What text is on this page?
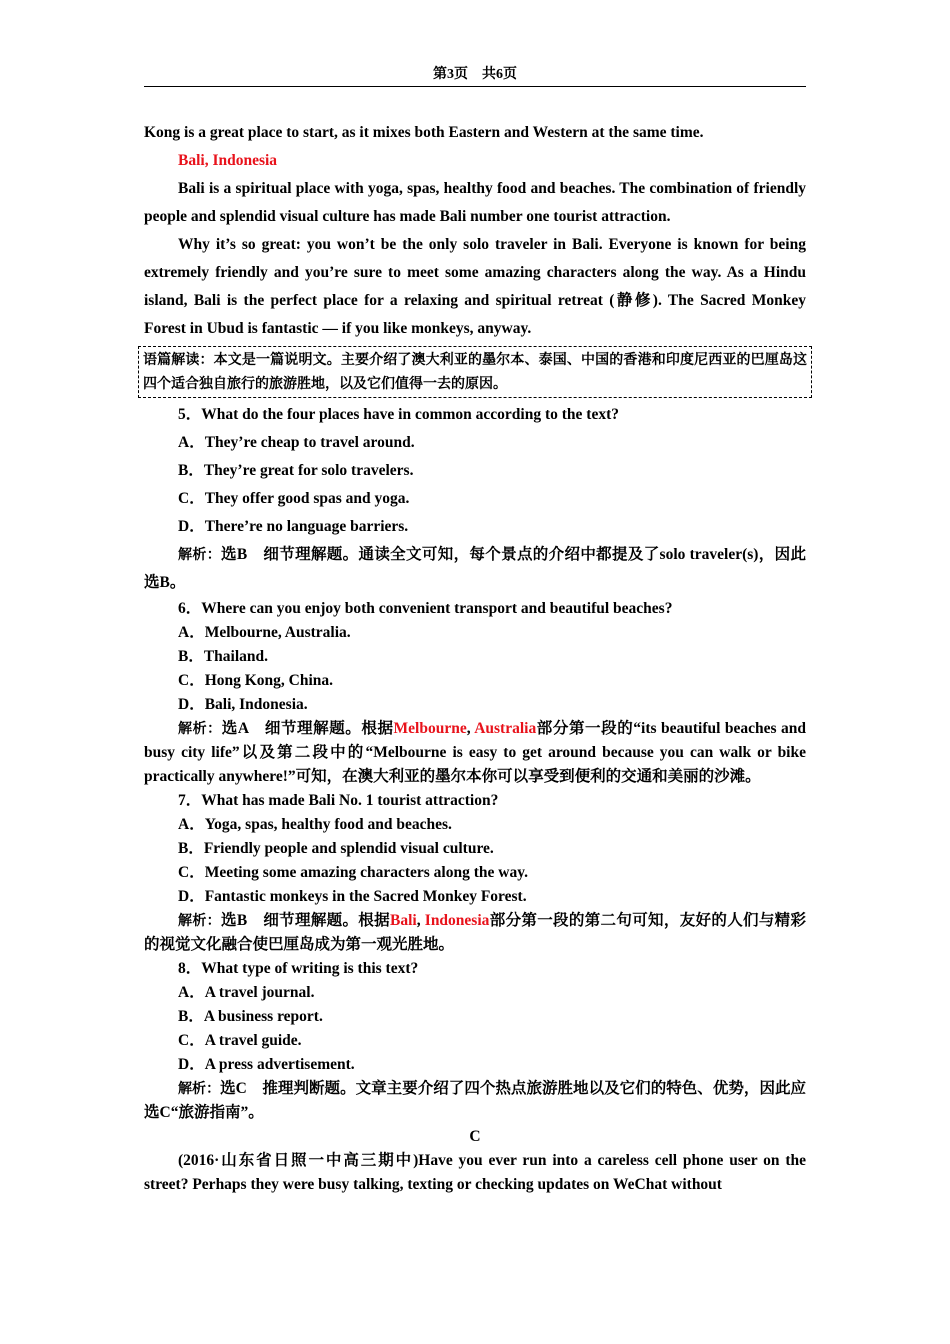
第3页　共6页

Kong is a great place to start, as it mixes both Eastern and Western at the same time.

Bali, Indonesia

Bali is a spiritual place with yoga, spas, healthy food and beaches. The combination of friendly people and splendid visual culture has made Bali number one tourist attraction.

Why it’s so great: you won’t be the only solo traveler in Bali. Everyone is known for being extremely friendly and you’re sure to meet some amazing characters along the way. As a Hindu island, Bali is the perfect place for a relaxing and spiritual retreat (静修). The Sacred Monkey Forest in Ubud is fantastic — if you like monkeys, anyway.

语篇解读：本文是一篇说明文。主要介绍了澳大利亚的墨尔本、泰国、中国的香港和印度尼西亚的巴厘岛这四个适合独自旅行的旅游胜地，以及它们值得一去的原因。

5．What do the four places have in common according to the text?

A．They’re cheap to travel around.

B．They’re great for solo travelers.

C．They offer good spas and yoga.

D．There’re no language barriers.

解析：选B　细节理解题。通读全文可知，每个景点的介绍中都提及了solo traveler(s)，因此选B。

6．Where can you enjoy both convenient transport and beautiful beaches?

A．Melbourne, Australia.

B．Thailand.

C．Hong Kong, China.

D．Bali, Indonesia.

解析：选A　细节理解题。根据Melbourne, Australia部分第一段的“its beautiful beaches and busy city life”以及第二段中的“Melbourne is easy to get around because you can walk or bike practically anywhere!”可知，在澳大利亚的墨尔本你可以享受到便利的交通和美丽的沙滩。

7．What has made Bali No. 1 tourist attraction?

A．Yoga, spas, healthy food and beaches.

B．Friendly people and splendid visual culture.

C．Meeting some amazing characters along the way.

D．Fantastic monkeys in the Sacred Monkey Forest.

解析：选B　细节理解题。根据Bali, Indonesia部分第一段的第二句可知，友好的人们与精彩的视觉文化融合使巴厘岛成为第一观光胜地。

8．What type of writing is this text?

A．A travel journal.

B．A business report.

C．A travel guide.

D．A press advertisement.

解析：选C　推理判断题。文章主要介绍了四个热点旅游胜地以及它们的特色、优势，因此应选C“旅游指南”。

C

(2016·山东省日照一中高三期中)Have you ever run into a careless cell phone user on the street? Perhaps they were busy talking, texting or checking updates on WeChat without
